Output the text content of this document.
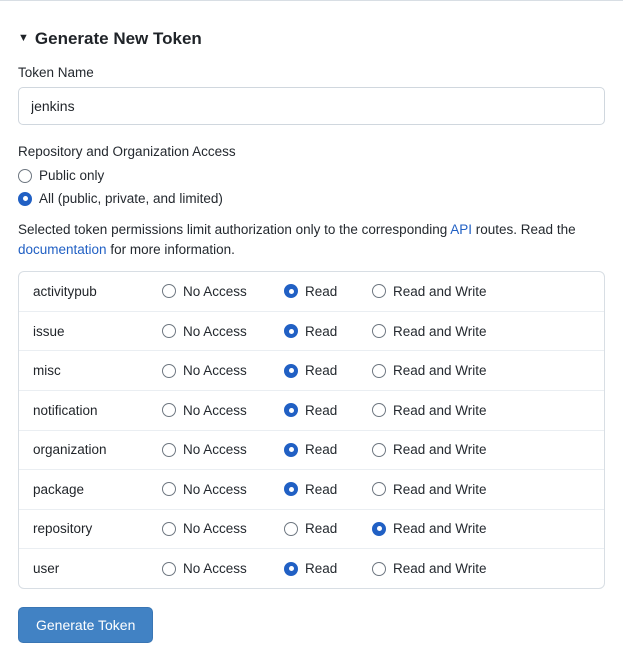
▼ Generate New Token
Token Name
jenkins
Repository and Organization Access
Public only
All (public, private, and limited)
Selected token permissions limit authorization only to the corresponding API routes. Read the documentation for more information.
activitypub	No Access	Read	Read and Write
issue	No Access	Read	Read and Write
misc	No Access	Read	Read and Write
notification	No Access	Read	Read and Write
organization	No Access	Read	Read and Write
package	No Access	Read	Read and Write
repository	No Access	Read	Read and Write
user	No Access	Read	Read and Write
Generate Token
